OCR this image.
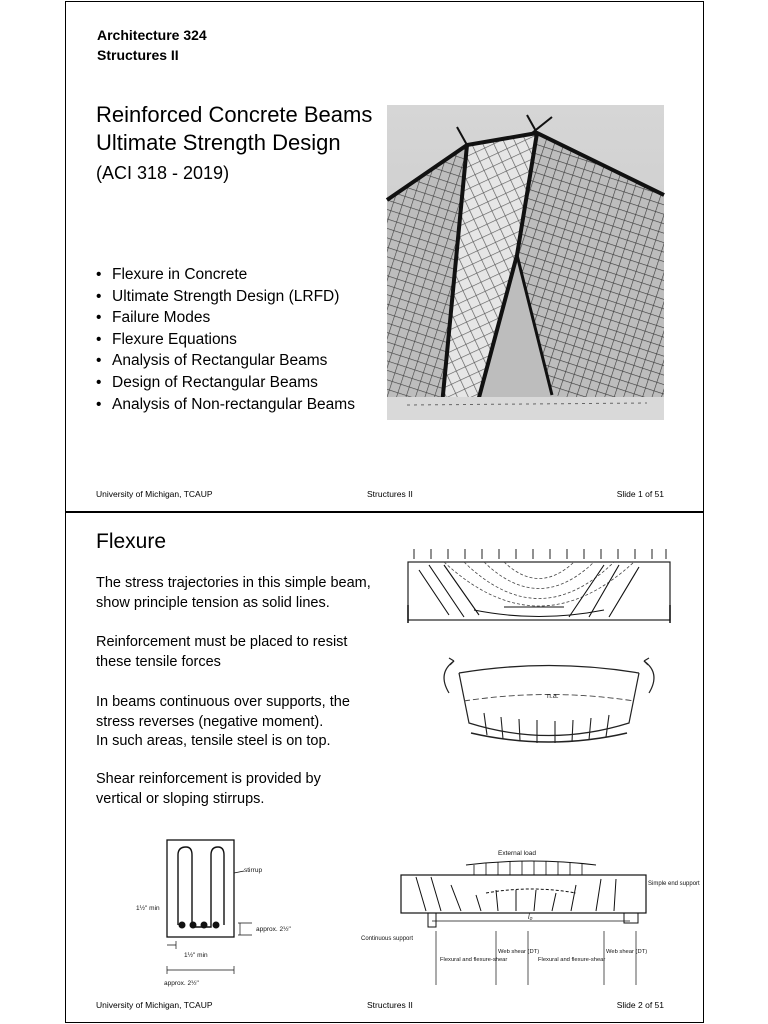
Architecture 324
Structures II
Reinforced Concrete Beams
Ultimate Strength Design
(ACI 318 - 2019)
• Flexure in Concrete
• Ultimate Strength Design (LRFD)
• Failure Modes
• Flexure Equations
• Analysis of Rectangular Beams
• Design of Rectangular Beams
• Analysis of Non-rectangular Beams
University of Michigan, TCAUP	Structures II	Slide 1 of 51
Flexure
The stress trajectories in this simple beam,
show principle tension as solid lines.
Reinforcement must be placed to resist
these tensile forces
In beams continuous over supports, the
stress reverses (negative moment).
In such areas, tensile steel is on top.
Shear reinforcement is provided by
vertical or sloping stirrups.
n.a.
stirrup
1½" min
approx. 2½"
1½" min
approx. 2½"
External load
l₀
Simple end support
Continuous support
Flexural and flexure-shear
Web shear (DT)
Flexural and flexure-shear
Web shear (DT)
University of Michigan, TCAUP	Structures II	Slide 2 of 51
